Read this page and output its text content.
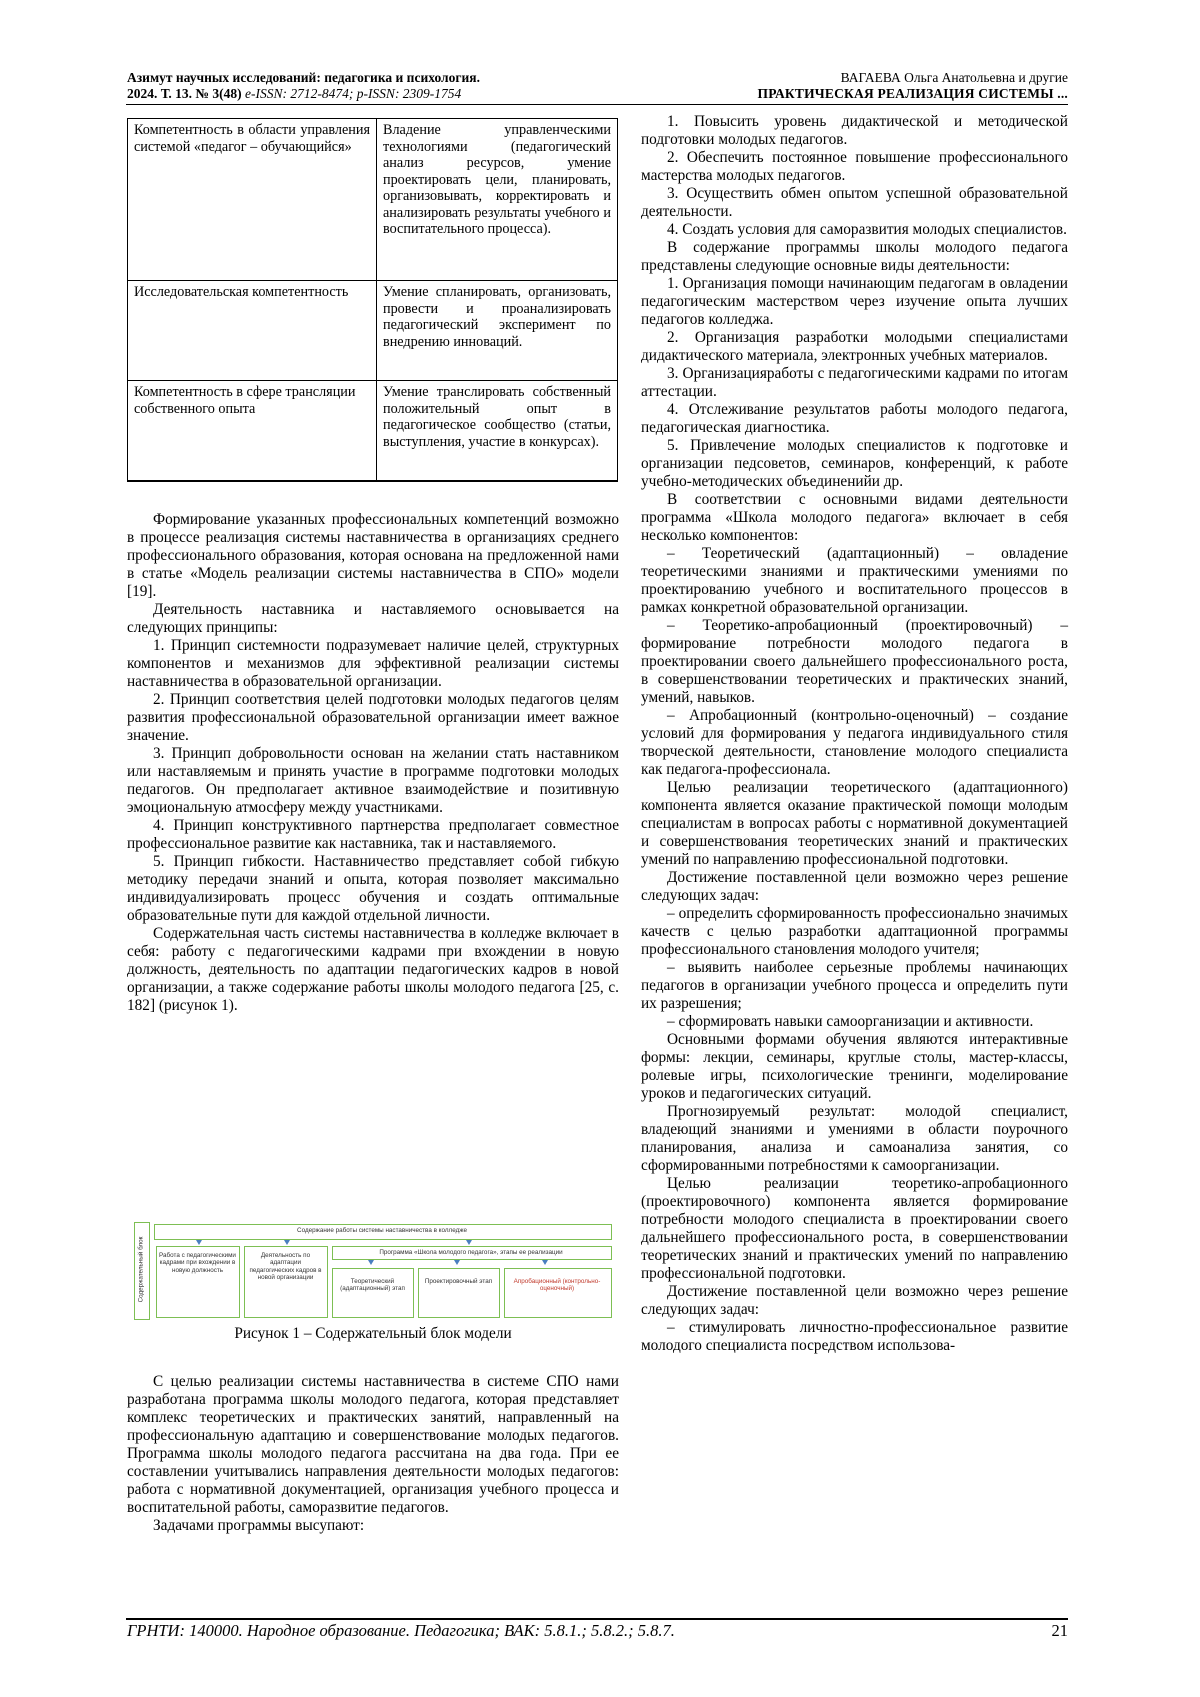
Азимут научных исследований: педагогика и психология.
2024. Т. 13. № 3(48) e-ISSN: 2712-8474; p-ISSN: 2309-1754
ВАГАЕВА Ольга Анатольевна и другие
ПРАКТИЧЕСКАЯ РЕАЛИЗАЦИЯ СИСТЕМЫ ...
Компетентность в области управления системой «педагог – обучающийся»	Владение управленческими технологиями (педагогический анализ ресурсов, умение проектировать цели, планировать, организовывать, корректировать и анализировать результаты учебного и воспитательного процесса).
Исследовательская компетентность	Умение спланировать, организовать, провести и проанализировать педагогический эксперимент по внедрению инноваций.
Компетентность в сфере трансляции собственного опыта	Умение транслировать собственный положительный опыт в педагогическое сообщество (статьи, выступления, участие в конкурсах).

Формирование указанных профессиональных компетенций возможно в процессе реализация системы наставничества в организациях среднего профессионального образования, которая основана на предложенной нами в статье «Модель реализации системы наставничества в СПО» модели [19].

Деятельность наставника и наставляемого основывается на следующих принципы:

1. Принцип системности подразумевает наличие целей, структурных компонентов и механизмов для эффективной реализации системы наставничества в образовательной организации.

2. Принцип соответствия целей подготовки молодых педагогов целям развития профессиональной образовательной организации имеет важное значение.

3. Принцип добровольности основан на желании стать наставником или наставляемым и принять участие в программе подготовки молодых педагогов. Он предполагает активное взаимодействие и позитивную эмоциональную атмосферу между участниками.

4. Принцип конструктивного партнерства предполагает совместное профессиональное развитие как наставника, так и наставляемого.

5. Принцип гибкости. Наставничество представляет собой гибкую методику передачи знаний и опыта, которая позволяет максимально индивидуализировать процесс обучения и создать оптимальные образовательные пути для каждой отдельной личности.

Содержательная часть системы наставничества в колледже включает в себя: работу с педагогическими кадрами при вхождении в новую должность, деятельность по адаптации педагогических кадров в новой организации, а также содержание работы школы молодого педагога [25, с. 182] (рисунок 1).

Содержательный блок
Содержание работы системы наставничества в колледже
Работа с педагогическими кадрами при вхождении в новую должность
Деятельность по адаптации педагогических кадров в новой организации
Программа «Школа молодого педагога», этапы ее реализации
Теоретический (адаптационный) этап
Проектировочный этап	Апробационный (контрольно-оценочный)
Рисунок 1 – Содержательный блок модели

С целью реализации системы наставничества в системе СПО нами разработана программа школы молодого педагога, которая представляет комплекс теоретических и практических занятий, направленный на профессиональную адаптацию и совершенствование молодых педагогов. Программа школы молодого педагога рассчитана на два года. При ее составлении учитывались направления деятельности молодых педагогов: работа с нормативной документацией, организация учебного процесса и воспитательной работы, саморазвитие педагогов.

Задачами программы высупают:

1. Повысить уровень дидактической и методической подготовки молодых педагогов.

2. Обеспечить постоянное повышение профессионального мастерства молодых педагогов.

3. Осуществить обмен опытом успешной образовательной деятельности.

4. Создать условия для саморазвития молодых специалистов.

В содержание программы школы молодого педагога представлены следующие основные виды деятельности:

1. Организация помощи начинающим педагогам в овладении педагогическим мастерством через изучение опыта лучших педагогов колледжа.

2. Организация разработки молодыми специалистами дидактического материала, электронных учебных материалов.

3. Организацияработы с педагогическими кадрами по итогам аттестации.

4. Отслеживание результатов работы молодого педагога, педагогическая диагностика.

5. Привлечение молодых специалистов к подготовке и организации педсоветов, семинаров, конференций, к работе учебно-методических объединенийи др.

В соответствии с основными видами деятельности программа «Школа молодого педагога» включает в себя несколько компонентов:

– Теоретический (адаптационный) – овладение теоретическими знаниями и практическими умениями по проектированию учебного и воспитательного процессов в рамках конкретной образовательной организации.

– Теоретико-апробационный (проектировочный) – формирование потребности молодого педагога в проектировании своего дальнейшего профессионального роста, в совершенствовании теоретических и практических знаний, умений, навыков.

– Апробационный (контрольно-оценочный) – создание условий для формирования у педагога индивидуального стиля творческой деятельности, становление молодого специалиста как педагога-профессионала.

Целью реализации теоретического (адаптационного) компонента является оказание практической помощи молодым специалистам в вопросах работы с нормативной документацией и совершенствования теоретических знаний и практических умений по направлению профессиональной подготовки.

Достижение поставленной цели возможно через решение следующих задач:

– определить сформированность профессионально значимых качеств с целью разработки адаптационной программы профессионального становления молодого учителя;

– выявить наиболее серьезные проблемы начинающих педагогов в организации учебного процесса и определить пути их разрешения;

– сформировать навыки самоорганизации и активности.

Основными формами обучения являются интерактивные формы: лекции, семинары, круглые столы, мастер-классы, ролевые игры, психологические тренинги, моделирование уроков и педагогических ситуаций.

Прогнозируемый результат: молодой специалист, владеющий знаниями и умениями в области поурочного планирования, анализа и самоанализа занятия, со сформированными потребностями к самоорганизации.

Целью реализации теоретико-апробационного (проектировочного) компонента является формирование потребности молодого специалиста в проектировании своего дальнейшего профессионального роста, в совершенствовании теоретических знаний и практических умений по направлению профессиональной подготовки.

Достижение поставленной цели возможно через решение следующих задач:

– стимулировать личностно-профессиональное развитие молодого специалиста посредством использова-

ГРНТИ: 140000. Народное образование. Педагогика; ВАК: 5.8.1.; 5.8.2.; 5.8.7.	21
